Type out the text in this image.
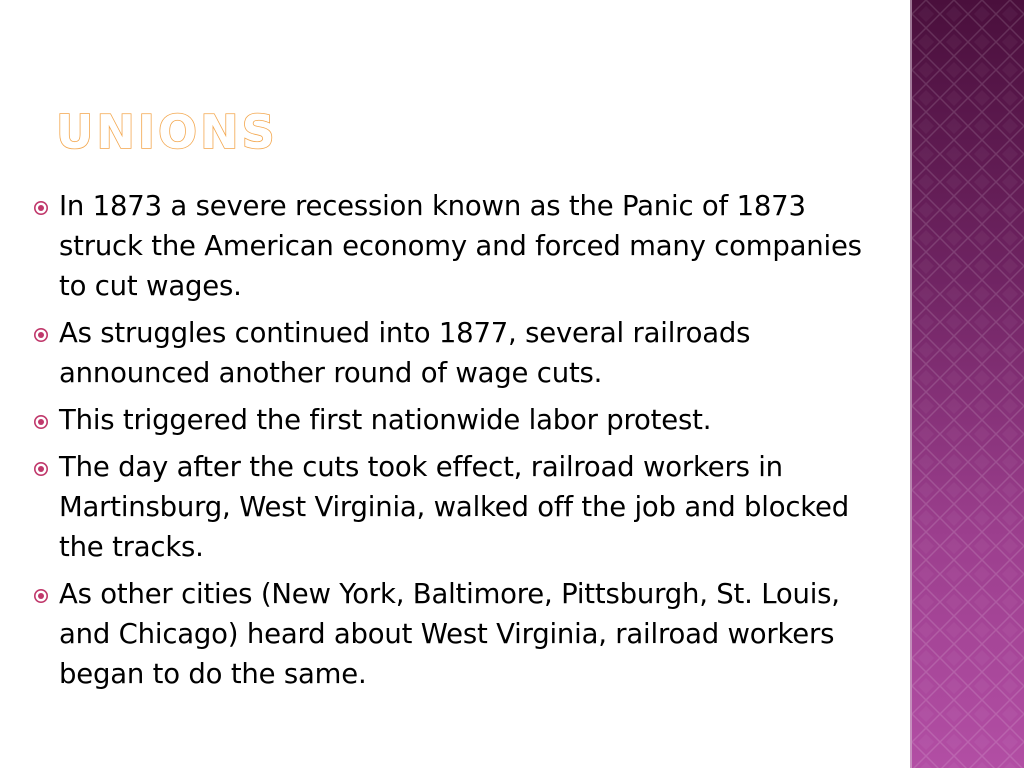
UNIONS
In 1873 a severe recession known as the Panic of 1873 struck the American economy and forced many companies to cut wages.
As struggles continued into 1877, several railroads announced another round of wage cuts.
This triggered the first nationwide labor protest.
The day after the cuts took effect, railroad workers in Martinsburg, West Virginia, walked off the job and blocked the tracks.
As other cities (New York, Baltimore, Pittsburgh, St. Louis, and Chicago) heard about West Virginia, railroad workers began to do the same.
